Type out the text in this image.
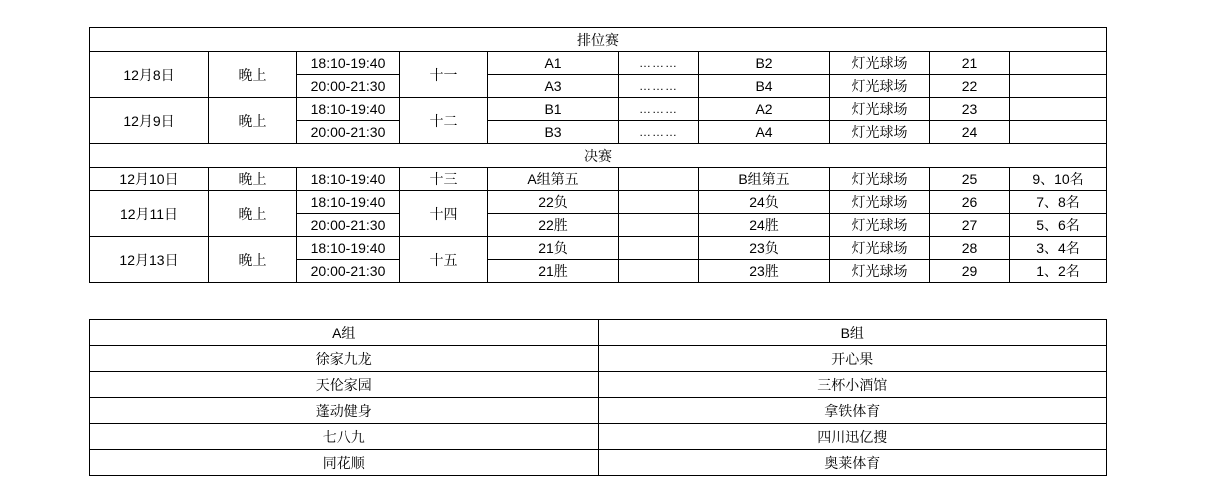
排位赛									
12月8日	晚上	18:10-19:40	十一	A1	………	B2	灯光球场	21	
		20:00-21:30		A3	………	B4	灯光球场	22	
12月9日	晚上	18:10-19:40	十二	B1	………	A2	灯光球场	23	
		20:00-21:30		B3	………	A4	灯光球场	24	
决赛									
12月10日	晚上	18:10-19:40	十三	A组第五		B组第五	灯光球场	25	9、10名
12月11日	晚上	18:10-19:40	十四	22负		24负	灯光球场	26	7、8名
		20:00-21:30		22胜		24胜	灯光球场	27	5、6名
12月13日	晚上	18:10-19:40	十五	21负		23负	灯光球场	28	3、4名
		20:00-21:30		21胜		23胜	灯光球场	29	1、2名
A组	B组
徐家九龙	开心果
天伦家园	三杯小酒馆
蓬动健身	拿铁体育
七八九	四川迅亿搜
同花顺	奥莱体育
